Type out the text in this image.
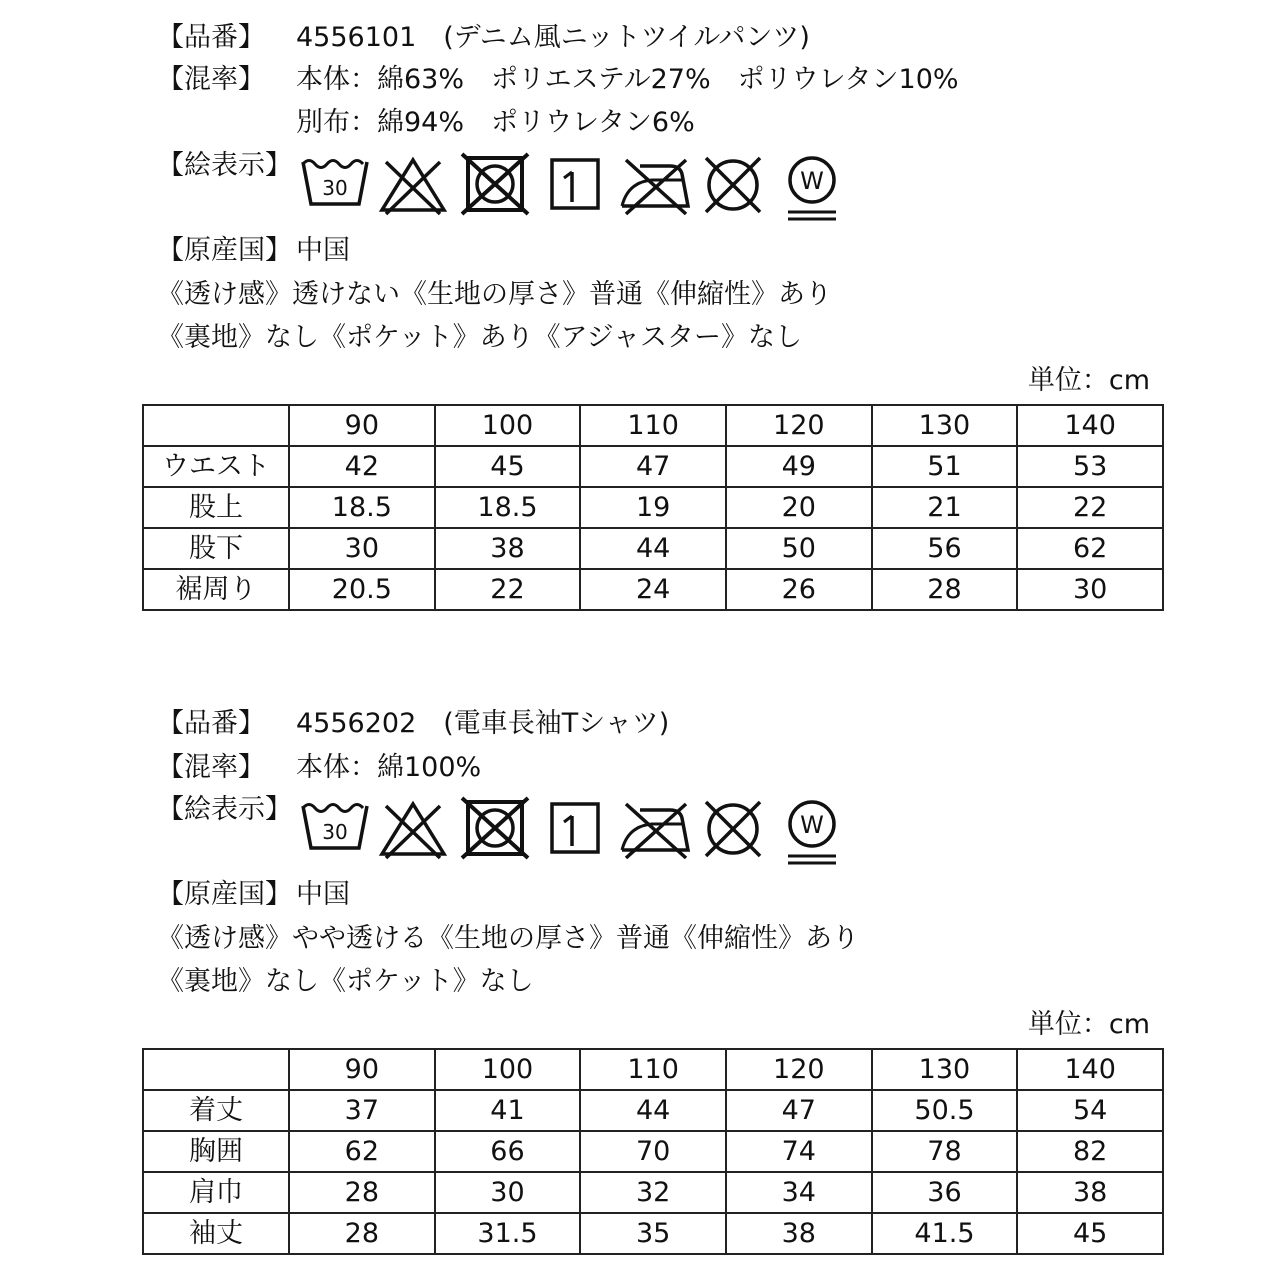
【品番】 4556101　(デニム風ニットツイルパンツ)
【混率】 本体：綿63%　ポリエステル27%　ポリウレタン10%
別布：綿94%　ポリウレタン6%
【絵表示】
30	W
【原産国】 中国
《透け感》透けない《生地の厚さ》普通《伸縮性》あり
《裏地》なし《ポケット》あり《アジャスター》なし
単位：cm
	90	100	110	120	130	140
ウエスト	42	45	47	49	51	53
股上	18.5	18.5	19	20	21	22
股下	30	38	44	50	56	62
裾周り	20.5	22	24	26	28	30
【品番】 4556202　(電車長袖Tシャツ)
【混率】 本体：綿100%
【絵表示】
30	W
【原産国】 中国
《透け感》やや透ける《生地の厚さ》普通《伸縮性》あり
《裏地》なし《ポケット》なし
単位：cm
	90	100	110	120	130	140
着丈	37	41	44	47	50.5	54
胸囲	62	66	70	74	78	82
肩巾	28	30	32	34	36	38
袖丈	28	31.5	35	38	41.5	45
